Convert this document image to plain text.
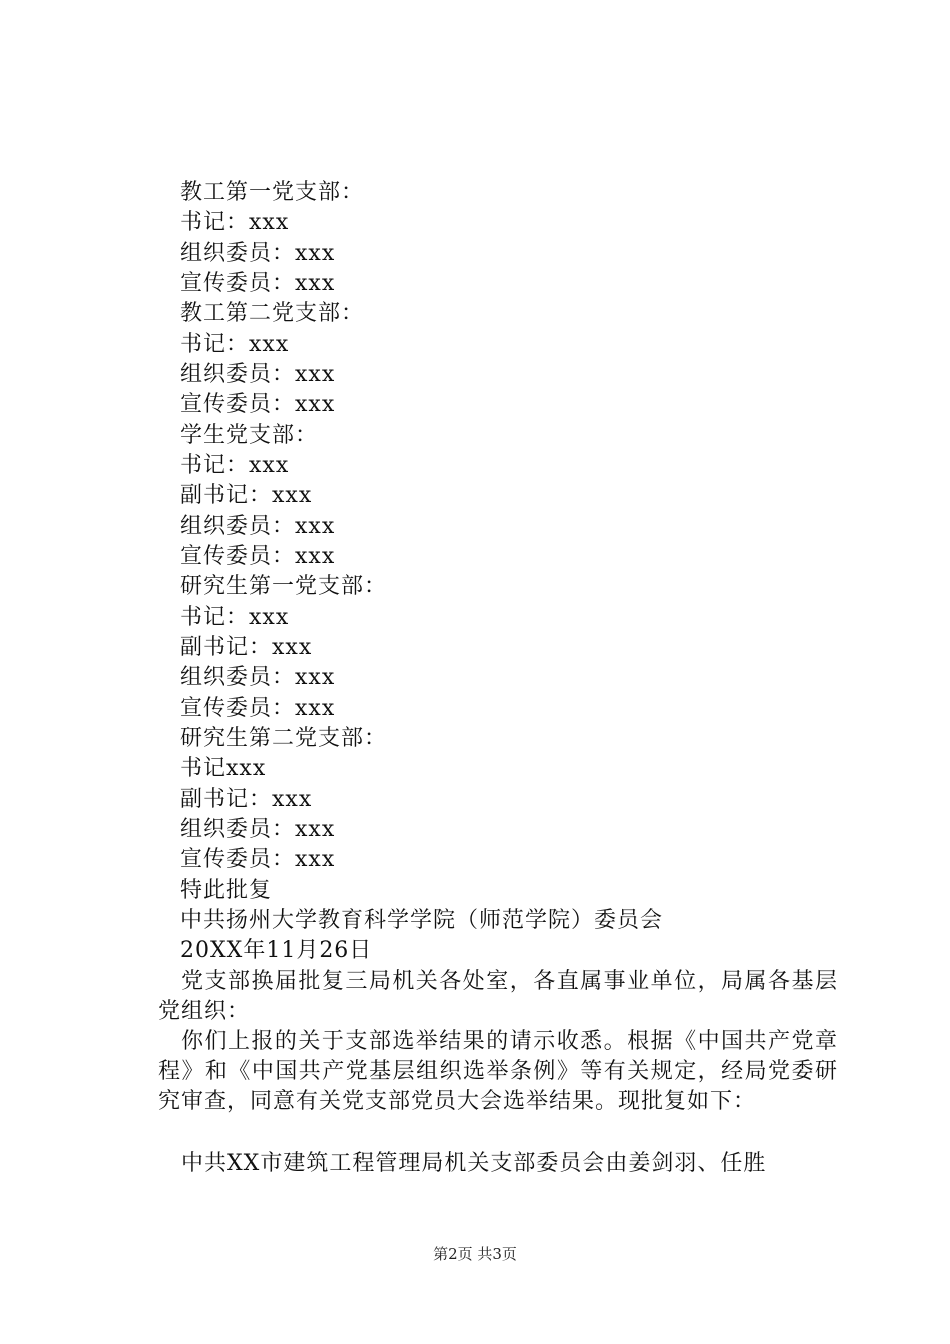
教工第一党支部：
书记：xxx
组织委员：xxx
宣传委员：xxx
教工第二党支部：
书记：xxx
组织委员：xxx
宣传委员：xxx
学生党支部：
书记：xxx
副书记：xxx
组织委员：xxx
宣传委员：xxx
研究生第一党支部：
书记：xxx
副书记：xxx
组织委员：xxx
宣传委员：xxx
研究生第二党支部：
书记xxx
副书记：xxx
组织委员：xxx
宣传委员：xxx
特此批复
中共扬州大学教育科学学院（师范学院）委员会
20XX年11月26日
党支部换届批复三局机关各处室，各直属事业单位，局属各基层党组织：
你们上报的关于支部选举结果的请示收悉。根据《中国共产党章程》和《中国共产党基层组织选举条例》等有关规定，经局党委研究审查，同意有关党支部党员大会选举结果。现批复如下：
中共XX市建筑工程管理局机关支部委员会由姜剑羽、任胜
第2页 共3页
